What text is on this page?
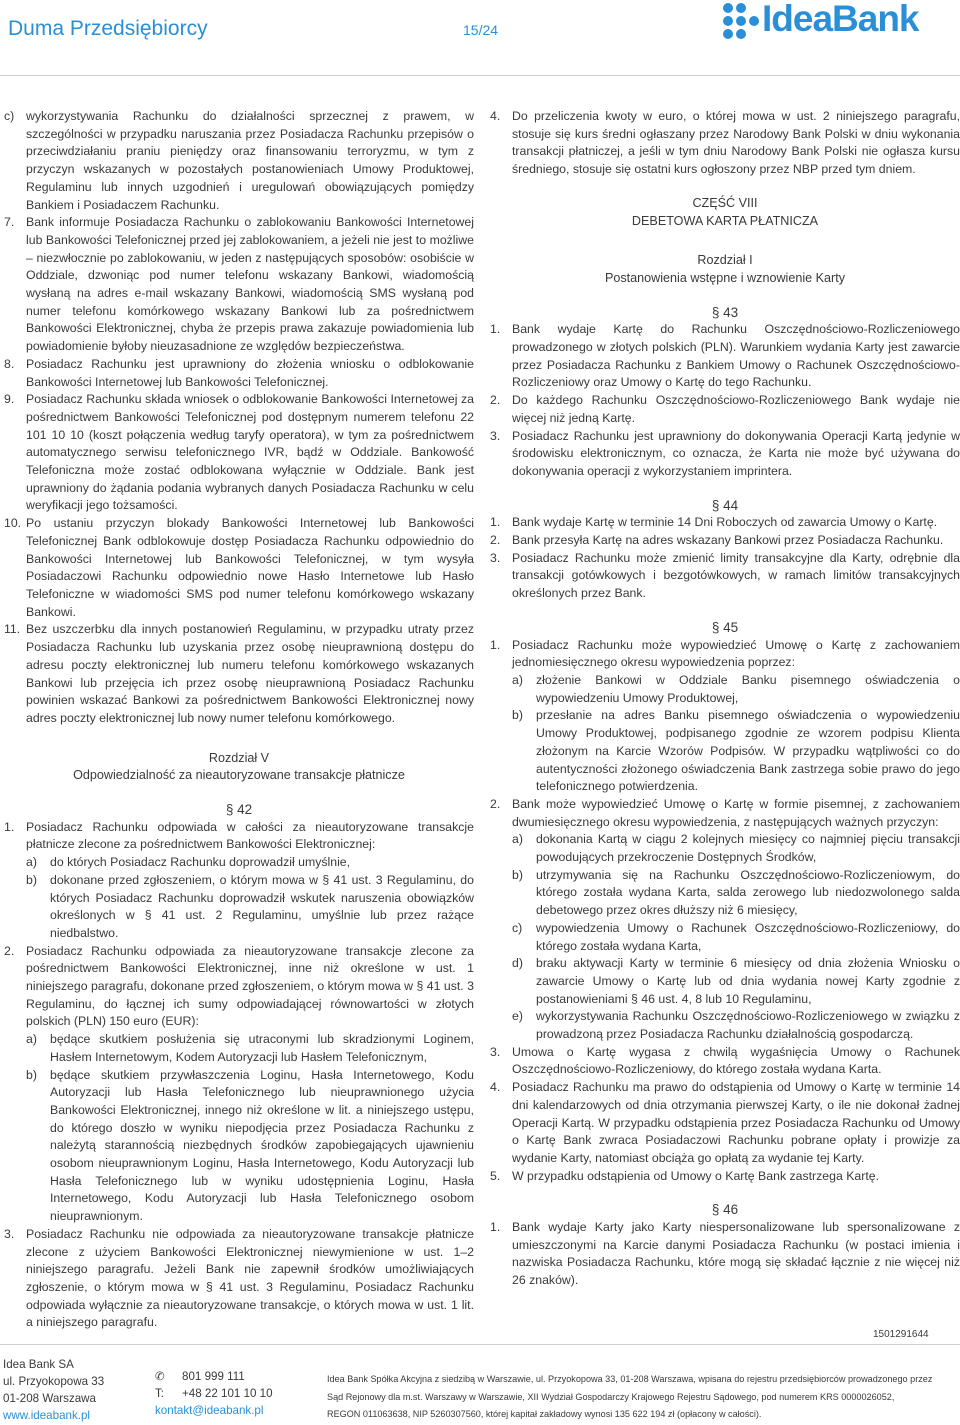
Duma Przedsiębiorcy	15/24	IdeaBank

c) wykorzystywania Rachunku do działalności sprzecznej z prawem, w szczególności w przypadku naruszania przez Posiadacza Rachunku przepisów o przeciwdziałaniu praniu pieniędzy oraz finansowaniu terroryzmu, w tym z przyczyn wskazanych w pozostałych postanowieniach Umowy Produktowej, Regulaminu lub innych uzgodnień i uregulowań obowiązujących pomiędzy Bankiem i Posiadaczem Rachunku.

7. Bank informuje Posiadacza Rachunku o zablokowaniu Bankowości Internetowej lub Bankowości Telefonicznej przed jej zablokowaniem, a jeżeli nie jest to możliwe – niezwłocznie po zablokowaniu, w jeden z następujących sposobów: osobiście w Oddziale, dzwoniąc pod numer telefonu wskazany Bankowi, wiadomością wysłaną na adres e-mail wskazany Bankowi, wiadomością SMS wysłaną pod numer telefonu komórkowego wskazany Bankowi lub za pośrednictwem Bankowości Elektronicznej, chyba że przepis prawa zakazuje powiadomienia lub powiadomienie byłoby nieuzasadnione ze względów bezpieczeństwa.

8. Posiadacz Rachunku jest uprawniony do złożenia wniosku o odblokowanie Bankowości Internetowej lub Bankowości Telefonicznej.

9. Posiadacz Rachunku składa wniosek o odblokowanie Bankowości Internetowej za pośrednictwem Bankowości Telefonicznej pod dostępnym numerem telefonu 22 101 10 10 (koszt połączenia według taryfy operatora), w tym za pośrednictwem automatycznego serwisu telefonicznego IVR, bądź w Oddziale. Bankowość Telefoniczna może zostać odblokowana wyłącznie w Oddziale. Bank jest uprawniony do żądania podania wybranych danych Posiadacza Rachunku w celu weryfikacji jego tożsamości.

10. Po ustaniu przyczyn blokady Bankowości Internetowej lub Bankowości Telefonicznej Bank odblokowuje dostęp Posiadacza Rachunku odpowiednio do Bankowości Internetowej lub Bankowości Telefonicznej, w tym wysyła Posiadaczowi Rachunku odpowiednio nowe Hasło Internetowe lub Hasło Telefoniczne w wiadomości SMS pod numer telefonu komórkowego wskazany Bankowi.

11. Bez uszczerbku dla innych postanowień Regulaminu, w przypadku utraty przez Posiadacza Rachunku lub uzyskania przez osobę nieuprawnioną dostępu do adresu poczty elektronicznej lub numeru telefonu komórkowego wskazanych Bankowi lub przejęcia ich przez osobę nieuprawnioną Posiadacz Rachunku powinien wskazać Bankowi za pośrednictwem Bankowości Elektronicznej nowy adres poczty elektronicznej lub nowy numer telefonu komórkowego.

Rozdział V

Odpowiedzialność za nieautoryzowane transakcje płatnicze

§ 42

1. Posiadacz Rachunku odpowiada w całości za nieautoryzowane transakcje płatnicze zlecone za pośrednictwem Bankowości Elektronicznej:

a) do których Posiadacz Rachunku doprowadził umyślnie,

b) dokonane przed zgłoszeniem, o którym mowa w § 41 ust. 3 Regulaminu, do których Posiadacz Rachunku doprowadził wskutek naruszenia obowiązków określonych w § 41 ust. 2 Regulaminu, umyślnie lub przez rażące niedbalstwo.

2. Posiadacz Rachunku odpowiada za nieautoryzowane transakcje zlecone za pośrednictwem Bankowości Elektronicznej, inne niż określone w ust. 1 niniejszego paragrafu, dokonane przed zgłoszeniem, o którym mowa w § 41 ust. 3 Regulaminu, do łącznej ich sumy odpowiadającej równowartości w złotych polskich (PLN) 150 euro (EUR):

a) będące skutkiem posłużenia się utraconymi lub skradzionymi Loginem, Hasłem Internetowym, Kodem Autoryzacji lub Hasłem Telefonicznym,

b) będące skutkiem przywłaszczenia Loginu, Hasła Internetowego, Kodu Autoryzacji lub Hasła Telefonicznego lub nieuprawnionego użycia Bankowości Elektronicznej, innego niż określone w lit. a niniejszego ustępu, do którego doszło w wyniku niepodjęcia przez Posiadacza Rachunku z należytą starannością niezbędnych środków zapobiegających ujawnieniu osobom nieuprawnionym Loginu, Hasła Internetowego, Kodu Autoryzacji lub Hasła Telefonicznego lub w wyniku udostępnienia Loginu, Hasła Internetowego, Kodu Autoryzacji lub Hasła Telefonicznego osobom nieuprawnionym.

3. Posiadacz Rachunku nie odpowiada za nieautoryzowane transakcje płatnicze zlecone z użyciem Bankowości Elektronicznej niewymienione w ust. 1–2 niniejszego paragrafu. Jeżeli Bank nie zapewnił środków umożliwiających zgłoszenie, o którym mowa w § 41 ust. 3 Regulaminu, Posiadacz Rachunku odpowiada wyłącznie za nieautoryzowane transakcje, o których mowa w ust. 1 lit. a niniejszego paragrafu.

4. Do przeliczenia kwoty w euro, o której mowa w ust. 2 niniejszego paragrafu, stosuje się kurs średni ogłaszany przez Narodowy Bank Polski w dniu wykonania transakcji płatniczej, a jeśli w tym dniu Narodowy Bank Polski nie ogłasza kursu średniego, stosuje się ostatni kurs ogłoszony przez NBP przed tym dniem.

CZĘŚĆ VIII

DEBETOWA KARTA PŁATNICZA

Rozdział I

Postanowienia wstępne i wznowienie Karty

§ 43

1. Bank wydaje Kartę do Rachunku Oszczędnościowo-Rozliczeniowego prowadzonego w złotych polskich (PLN). Warunkiem wydania Karty jest zawarcie przez Posiadacza Rachunku z Bankiem Umowy o Rachunek Oszczędnościowo-Rozliczeniowy oraz Umowy o Kartę do tego Rachunku.

2. Do każdego Rachunku Oszczędnościowo-Rozliczeniowego Bank wydaje nie więcej niż jedną Kartę.

3. Posiadacz Rachunku jest uprawniony do dokonywania Operacji Kartą jedynie w środowisku elektronicznym, co oznacza, że Karta nie może być używana do dokonywania operacji z wykorzystaniem imprintera.

§ 44

1. Bank wydaje Kartę w terminie 14 Dni Roboczych od zawarcia Umowy o Kartę.

2. Bank przesyła Kartę na adres wskazany Bankowi przez Posiadacza Rachunku.

3. Posiadacz Rachunku może zmienić limity transakcyjne dla Karty, odrębnie dla transakcji gotówkowych i bezgotówkowych, w ramach limitów transakcyjnych określonych przez Bank.

§ 45

1. Posiadacz Rachunku może wypowiedzieć Umowę o Kartę z zachowaniem jednomiesięcznego okresu wypowiedzenia poprzez:

a) złożenie Bankowi w Oddziale Banku pisemnego oświadczenia o wypowiedzeniu Umowy Produktowej,

b) przesłanie na adres Banku pisemnego oświadczenia o wypowiedzeniu Umowy Produktowej, podpisanego zgodnie ze wzorem podpisu Klienta złożonym na Karcie Wzorów Podpisów. W przypadku wątpliwości co do autentyczności złożonego oświadczenia Bank zastrzega sobie prawo do jego telefonicznego potwierdzenia.

2. Bank może wypowiedzieć Umowę o Kartę w formie pisemnej, z zachowaniem dwumiesięcznego okresu wypowiedzenia, z następujących ważnych przyczyn:

a) dokonania Kartą w ciągu 2 kolejnych miesięcy co najmniej pięciu transakcji powodujących przekroczenie Dostępnych Środków,

b) utrzymywania się na Rachunku Oszczędnościowo-Rozliczeniowym, do którego została wydana Karta, salda zerowego lub niedozwolonego salda debetowego przez okres dłuższy niż 6 miesięcy,

c) wypowiedzenia Umowy o Rachunek Oszczędnościowo-Rozliczeniowy, do którego została wydana Karta,

d) braku aktywacji Karty w terminie 6 miesięcy od dnia złożenia Wniosku o zawarcie Umowy o Kartę lub od dnia wydania nowej Karty zgodnie z postanowieniami § 46 ust. 4, 8 lub 10 Regulaminu,

e) wykorzystywania Rachunku Oszczędnościowo-Rozliczeniowego w związku z prowadzoną przez Posiadacza Rachunku działalnością gospodarczą.

3. Umowa o Kartę wygasa z chwilą wygaśnięcia Umowy o Rachunek Oszczędnościowo-Rozliczeniowy, do którego została wydana Karta.

4. Posiadacz Rachunku ma prawo do odstąpienia od Umowy o Kartę w terminie 14 dni kalendarzowych od dnia otrzymania pierwszej Karty, o ile nie dokonał żadnej Operacji Kartą. W przypadku odstąpienia przez Posiadacza Rachunku od Umowy o Kartę Bank zwraca Posiadaczowi Rachunku pobrane opłaty i prowizje za wydanie Karty, natomiast obciąża go opłatą za wydanie tej Karty.

5. W przypadku odstąpienia od Umowy o Kartę Bank zastrzega Kartę.

§ 46

1. Bank wydaje Karty jako Karty niespersonalizowane lub spersonalizowane z umieszczonymi na Karcie danymi Posiadacza Rachunku (w postaci imienia i nazwiska Posiadacza Rachunku, które mogą się składać łącznie z nie więcej niż 26 znaków).

1501291644
Idea Bank SA
ul. Przyokopowa 33
01-208 Warszawa
www.ideabank.pl
✆	801 999 111
T:	+48 22 101 10 10
kontakt@ideabank.pl
Idea Bank Spółka Akcyjna z siedzibą w Warszawie, ul. Przyokopowa 33, 01-208 Warszawa, wpisana do rejestru przedsiębiorców prowadzonego przez
Sąd Rejonowy dla m.st. Warszawy w Warszawie, XII Wydział Gospodarczy Krajowego Rejestru Sądowego, pod numerem KRS 0000026052,
REGON 011063638, NIP 5260307560, której kapitał zakładowy wynosi 135 622 194 zł (opłacony w całości).
